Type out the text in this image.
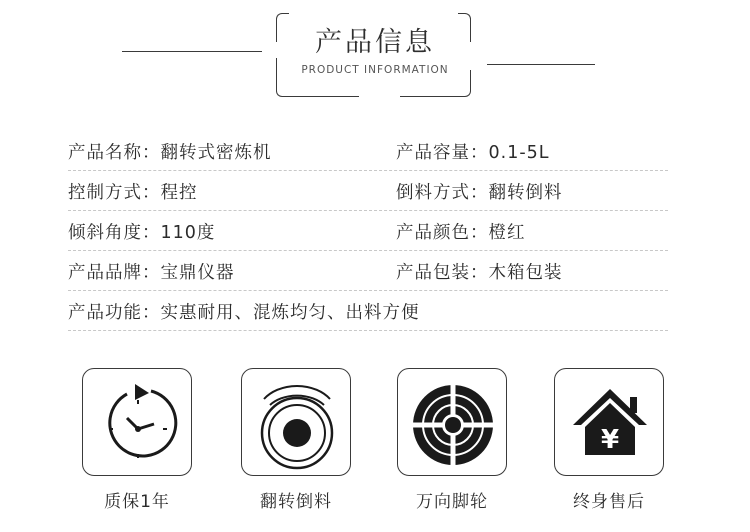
产品信息
PRODUCT INFORMATION
产品名称：翻转式密炼机	产品容量：0.1-5L
控制方式：程控	倒料方式：翻转倒料
倾斜角度：110度	产品颜色：橙红
产品品牌：宝鼎仪器	产品包装：木箱包装
产品功能：实惠耐用、混炼均匀、出料方便
质保1年	翻转倒料	万向脚轮
¥
终身售后
